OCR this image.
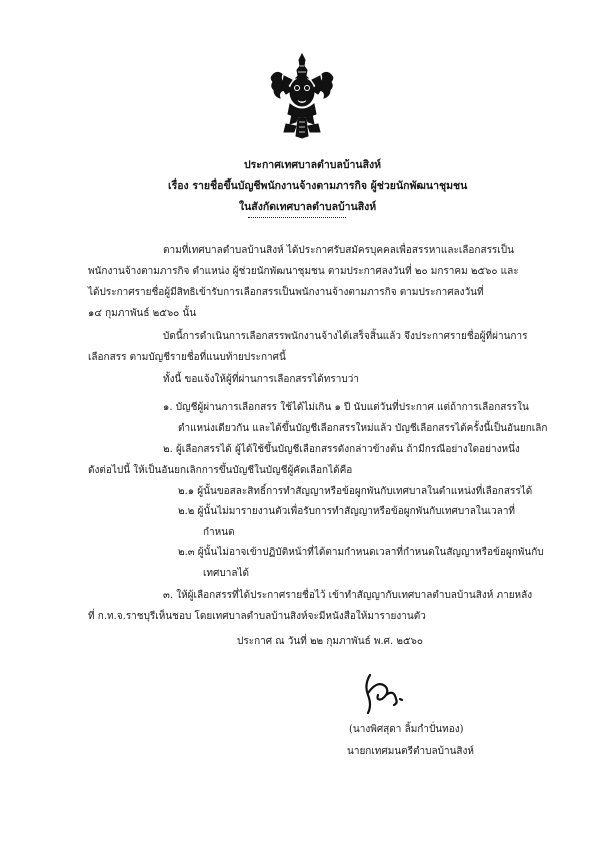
ประกาศเทศบาลตำบลบ้านสิงห์
เรื่อง รายชื่อขึ้นบัญชีพนักงานจ้างตามภารกิจ ผู้ช่วยนักพัฒนาชุมชน
ในสังกัดเทศบาลตำบลบ้านสิงห์
ตามที่เทศบาลตำบลบ้านสิงห์ ได้ประกาศรับสมัครบุคคลเพื่อสรรหาและเลือกสรรเป็น
พนักงานจ้างตามภารกิจ ตำแหน่ง ผู้ช่วยนักพัฒนาชุมชน ตามประกาศลงวันที่ ๒๐ มกราคม ๒๕๖๐ และ
ได้ประกาศรายชื่อผู้มีสิทธิเข้ารับการเลือกสรรเป็นพนักงานจ้างตามภารกิจ ตามประกาศลงวันที่
๑๔ กุมภาพันธ์ ๒๕๖๐ นั้น
บัดนี้การดำเนินการเลือกสรรพนักงานจ้างได้เสร็จสิ้นแล้ว จึงประกาศรายชื่อผู้ที่ผ่านการ
เลือกสรร ตามบัญชีรายชื่อที่แนบท้ายประกาศนี้
ทั้งนี้ ขอแจ้งให้ผู้ที่ผ่านการเลือกสรรได้ทราบว่า
๑. บัญชีผู้ผ่านการเลือกสรร ใช้ได้ไม่เกิน ๑ ปี นับแต่วันที่ประกาศ แต่ถ้าการเลือกสรรใน
ตำแหน่งเดียวกัน และได้ขึ้นบัญชีเลือกสรรใหม่แล้ว บัญชีเลือกสรรได้ครั้งนี้เป็นอันยกเลิก
๒. ผู้เลือกสรรได้ ผู้ได้ใช้ขึ้นบัญชีเลือกสรรดังกล่าวข้างต้น ถ้ามีกรณีอย่างใดอย่างหนึ่ง
ดังต่อไปนี้ ให้เป็นอันยกเลิกการขึ้นบัญชีในบัญชีผู้คัดเลือกได้คือ
๒.๑ ผู้นั้นขอสละสิทธิ์การทำสัญญาหรือข้อผูกพันกับเทศบาลในตำแหน่งที่เลือกสรรได้
๒.๒ ผู้นั้นไม่มารายงานตัวเพื่อรับการทำสัญญาหรือข้อผูกพันกับเทศบาลในเวลาที่
กำหนด
๒.๓ ผู้นั้นไม่อาจเข้าปฏิบัติหน้าที่ได้ตามกำหนดเวลาที่กำหนดในสัญญาหรือข้อผูกพันกับ
เทศบาลได้
๓. ให้ผู้เลือกสรรที่ได้ประกาศรายชื่อไว้ เข้าทำสัญญากับเทศบาลตำบลบ้านสิงห์ ภายหลัง
ที่ ก.ท.จ.ราชบุรีเห็นชอบ โดยเทศบาลตำบลบ้านสิงห์จะมีหนังสือให้มารายงานตัว
ประกาศ ณ วันที่ ๒๒ กุมภาพันธ์ พ.ศ. ๒๕๖๐
(นางพิศสุดา ลิ้มกำปั่นทอง)
นายกเทศมนตรีตำบลบ้านสิงห์
